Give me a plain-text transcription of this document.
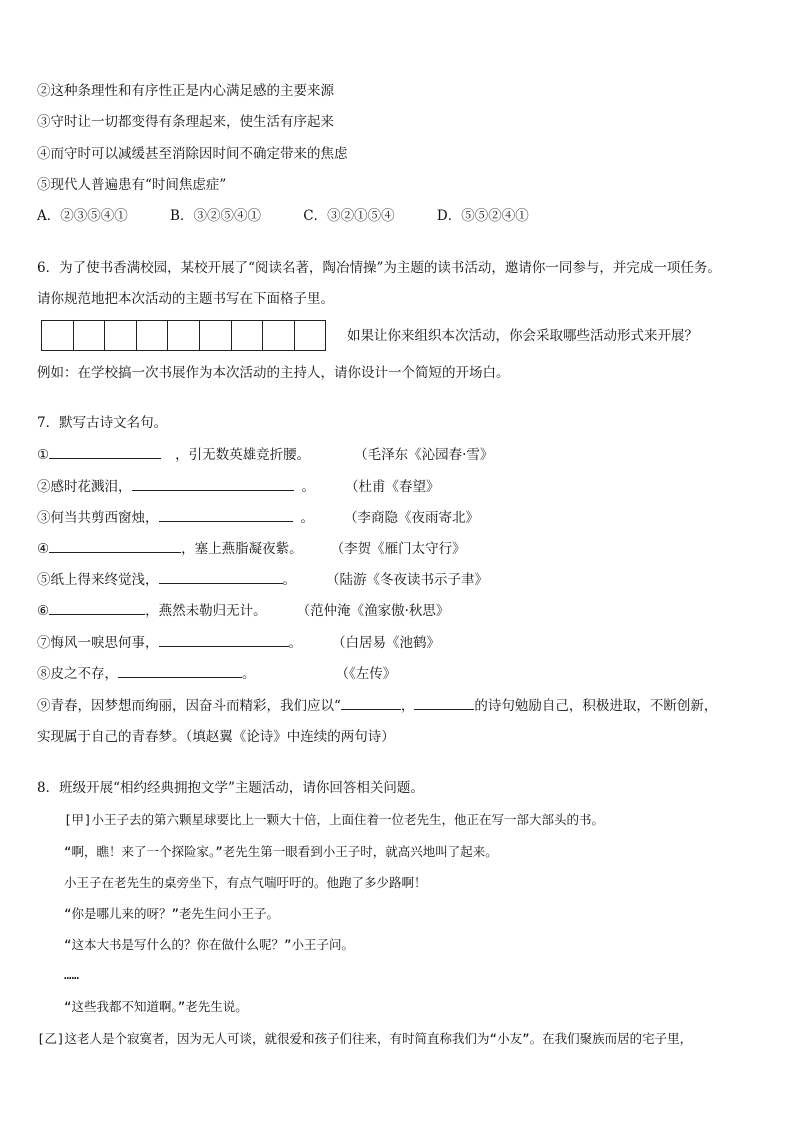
②这种条理性和有序性正是内心满足感的主要来源
③守时让一切都变得有条理起来，使生活有序起来
④而守时可以减缓甚至消除因时间不确定带来的焦虑
⑤现代人普遍患有“时间焦虑症”
A．②③⑤④①	B．③②⑤④①	C．③②①⑤④	D．⑤⑤②④①
6．为了使书香满校园，某校开展了“阅读名著，陶冶情操”为主题的读书活动，邀请你一同参与，并完成一项任务。
请你规范地把本次活动的主题书写在下面格子里。
如果让你来组织本次活动，你会采取哪些活动形式来开展？
例如：在学校搞一次书展作为本次活动的主持人，请你设计一个简短的开场白。
7．默写古诗文名句。
①	，引无数英雄竞折腰。	（毛泽东《沁园春·雪》
②感时花溅泪，	。 （杜甫《春望》
③何当共剪西窗烛，	。 （李商隐《夜雨寄北》
④	，塞上燕脂凝夜紫。 （李贺《雁门太守行》
⑤纸上得来终觉浅，	。 （陆游《冬夜读书示子聿》
⑥	，燕然未勒归无计。 （范仲淹《渔家傲·秋思》
⑦悔风一唳思何事，	。 （白居易《池鹤》
⑧皮之不存，	。	（《左传》
⑨青春，因梦想而绚丽，因奋斗而精彩，我们应以“	，	的诗句勉励自己，积极进取，不断创新，
实现属于自己的青春梦。（填赵翼《论诗》中连续的两句诗）
8．班级开展“相约经典拥抱文学”主题活动，请你回答相关问题。
[甲]小王子去的第六颗星球要比上一颗大十倍，上面住着一位老先生，他正在写一部大部头的书。
“啊，瞧！来了一个探险家。”老先生第一眼看到小王子时，就高兴地叫了起来。
小王子在老先生的桌旁坐下，有点气喘吁吁的。他跑了多少路啊！
“你是哪儿来的呀？”老先生问小王子。
“这本大书是写什么的？你在做什么呢？”小王子问。
……
“这些我都不知道啊。”老先生说。
[乙]这老人是个寂寞者，因为无人可谈，就很爱和孩子们往来，有时简直称我们为“小友”。在我们聚族而居的宅子里，
